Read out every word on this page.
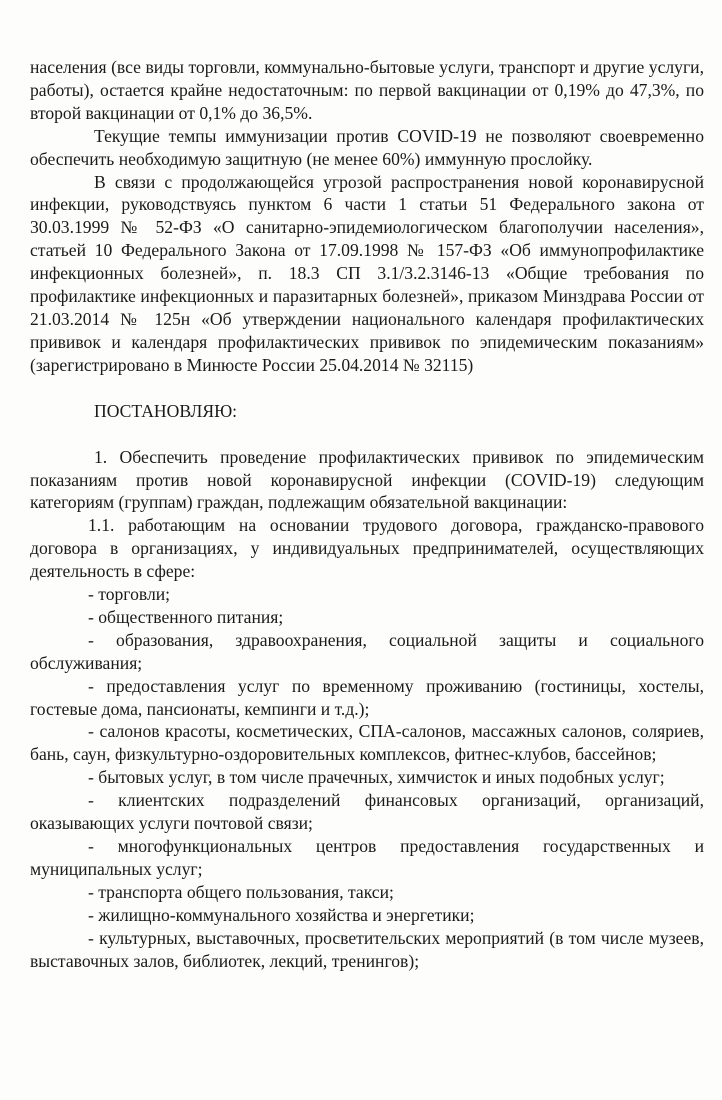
населения (все виды торговли, коммунально-бытовые услуги, транспорт и другие услуги, работы), остается крайне недостаточным: по первой вакцинации от 0,19% до 47,3%, по второй вакцинации от 0,1% до 36,5%.

Текущие темпы иммунизации против COVID-19 не позволяют своевременно обеспечить необходимую защитную (не менее 60%) иммунную прослойку.

В связи с продолжающейся угрозой распространения новой коронавирусной инфекции, руководствуясь пунктом 6 части 1 статьи 51 Федерального закона от 30.03.1999 № 52-ФЗ «О санитарно-эпидемиологическом благополучии населения», статьей 10 Федерального Закона от 17.09.1998 № 157-ФЗ «Об иммунопрофилактике инфекционных болезней», п. 18.3 СП 3.1/3.2.3146-13 «Общие требования по профилактике инфекционных и паразитарных болезней», приказом Минздрава России от 21.03.2014 № 125н «Об утверждении национального календаря профилактических прививок и календаря профилактических прививок по эпидемическим показаниям» (зарегистрировано в Минюсте России 25.04.2014 № 32115)

ПОСТАНОВЛЯЮ:

1. Обеспечить проведение профилактических прививок по эпидемическим показаниям против новой коронавирусной инфекции (COVID-19) следующим категориям (группам) граждан, подлежащим обязательной вакцинации:

1.1. работающим на основании трудового договора, гражданско-правового договора в организациях, у индивидуальных предпринимателей, осуществляющих деятельность в сфере:

- торговли;

- общественного питания;

- образования, здравоохранения, социальной защиты и социального обслуживания;

- предоставления услуг по временному проживанию (гостиницы, хостелы, гостевые дома, пансионаты, кемпинги и т.д.);

- салонов красоты, косметических, СПА-салонов, массажных салонов, соляриев, бань, саун, физкультурно-оздоровительных комплексов, фитнес-клубов, бассейнов;

- бытовых услуг, в том числе прачечных, химчисток и иных подобных услуг;

- клиентских подразделений финансовых организаций, организаций, оказывающих услуги почтовой связи;

- многофункциональных центров предоставления государственных и муниципальных услуг;

- транспорта общего пользования, такси;

- жилищно-коммунального хозяйства и энергетики;

- культурных, выставочных, просветительских мероприятий (в том числе музеев, выставочных залов, библиотек, лекций, тренингов);
